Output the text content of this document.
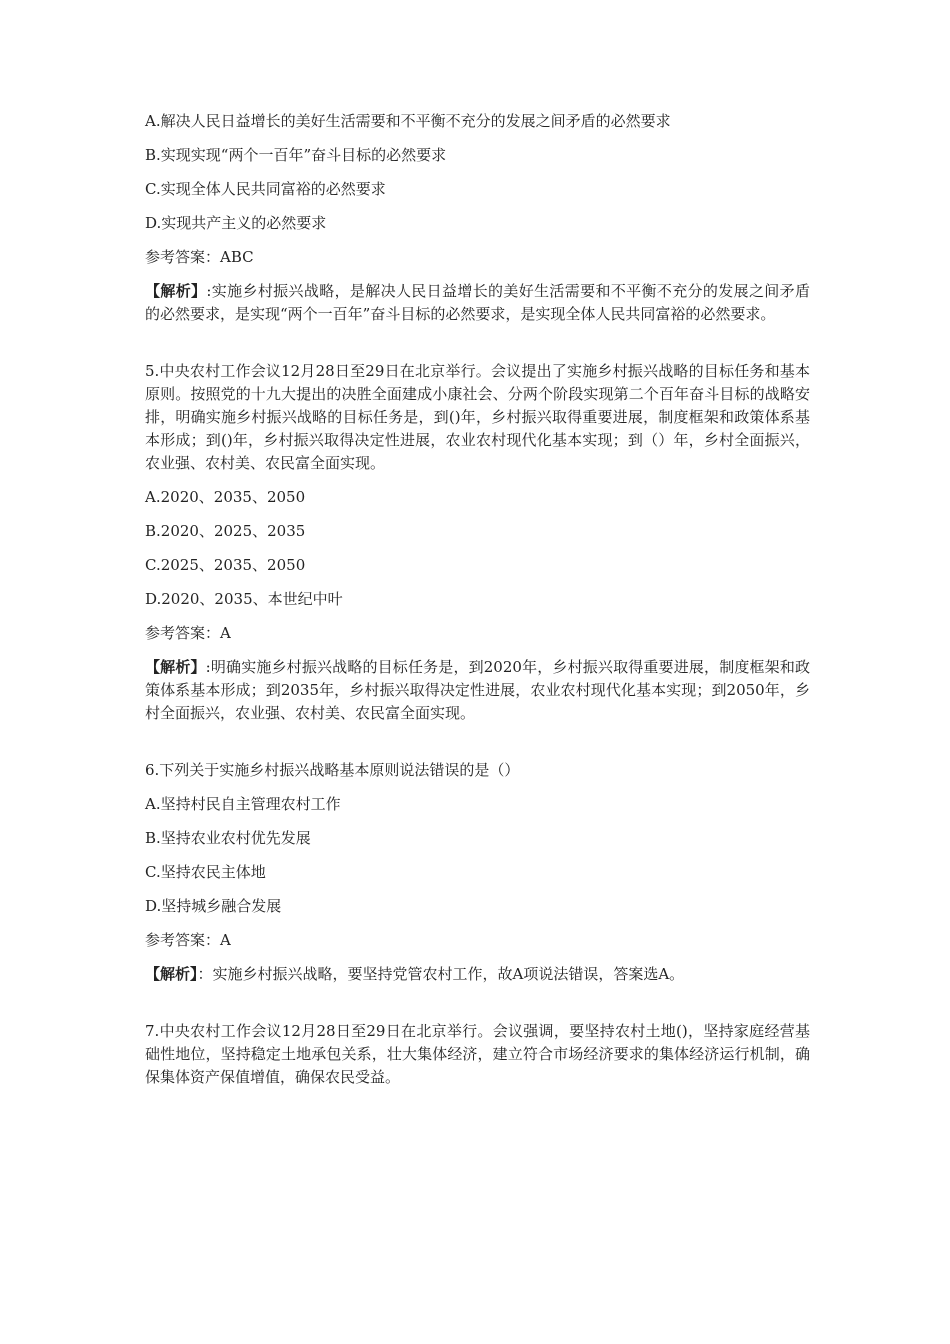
A.解决人民日益增长的美好生活需要和不平衡不充分的发展之间矛盾的必然要求

B.实现实现“两个一百年”奋斗目标的必然要求

C.实现全体人民共同富裕的必然要求

D.实现共产主义的必然要求

参考答案：ABC

【解析】:实施乡村振兴战略，是解决人民日益增长的美好生活需要和不平衡不充分的发展之间矛盾的必然要求，是实现“两个一百年”奋斗目标的必然要求，是实现全体人民共同富裕的必然要求。

5.中央农村工作会议12月28日至29日在北京举行。会议提出了实施乡村振兴战略的目标任务和基本原则。按照党的十九大提出的决胜全面建成小康社会、分两个阶段实现第二个百年奋斗目标的战略安排，明确实施乡村振兴战略的目标任务是，到()年，乡村振兴取得重要进展，制度框架和政策体系基本形成；到()年，乡村振兴取得决定性进展，农业农村现代化基本实现；到（）年，乡村全面振兴，农业强、农村美、农民富全面实现。

A.2020、2035、2050

B.2020、2025、2035

C.2025、2035、2050

D.2020、2035、本世纪中叶

参考答案：A

【解析】:明确实施乡村振兴战略的目标任务是，到2020年，乡村振兴取得重要进展，制度框架和政策体系基本形成；到2035年，乡村振兴取得决定性进展，农业农村现代化基本实现；到2050年，乡村全面振兴，农业强、农村美、农民富全面实现。

6.下列关于实施乡村振兴战略基本原则说法错误的是（）

A.坚持村民自主管理农村工作

B.坚持农业农村优先发展

C.坚持农民主体地

D.坚持城乡融合发展

参考答案：A

【解析】：实施乡村振兴战略，要坚持党管农村工作，故A项说法错误，答案选A。

7.中央农村工作会议12月28日至29日在北京举行。会议强调，要坚持农村土地()，坚持家庭经营基础性地位，坚持稳定土地承包关系，壮大集体经济，建立符合市场经济要求的集体经济运行机制，确保集体资产保值增值，确保农民受益。
